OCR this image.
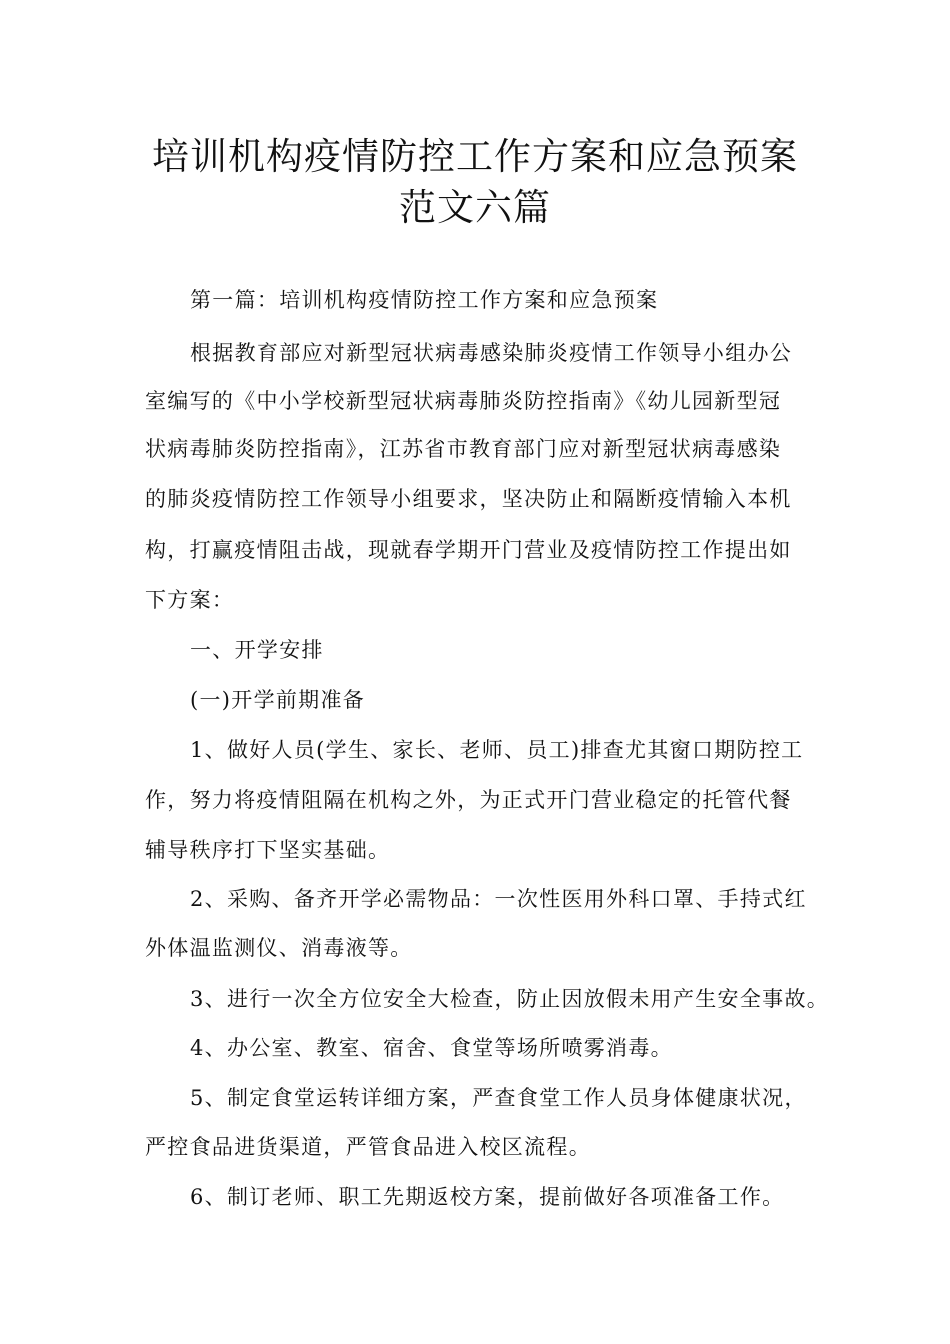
培训机构疫情防控工作方案和应急预案
范文六篇
第一篇：培训机构疫情防控工作方案和应急预案
根据教育部应对新型冠状病毒感染肺炎疫情工作领导小组办公
室编写的《中小学校新型冠状病毒肺炎防控指南》《幼儿园新型冠
状病毒肺炎防控指南》，江苏省市教育部门应对新型冠状病毒感染
的肺炎疫情防控工作领导小组要求，坚决防止和隔断疫情输入本机
构，打赢疫情阻击战，现就春学期开门营业及疫情防控工作提出如
下方案：
一、开学安排
(一)开学前期准备
1、做好人员(学生、家长、老师、员工)排查尤其窗口期防控工
作，努力将疫情阻隔在机构之外，为正式开门营业稳定的托管代餐
辅导秩序打下坚实基础。
2、采购、备齐开学必需物品：一次性医用外科口罩、手持式红
外体温监测仪、消毒液等。
3、进行一次全方位安全大检查，防止因放假未用产生安全事故。
4、办公室、教室、宿舍、食堂等场所喷雾消毒。
5、制定食堂运转详细方案，严查食堂工作人员身体健康状况，
严控食品进货渠道，严管食品进入校区流程。
6、制订老师、职工先期返校方案，提前做好各项准备工作。
